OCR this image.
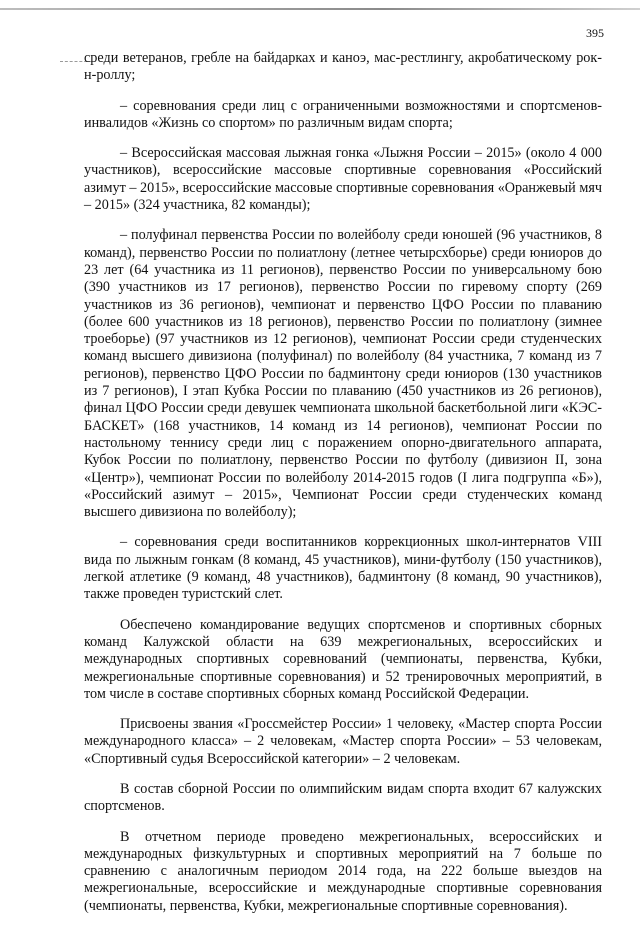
395

среди ветеранов, гребле на байдарках и каноэ, мас-рестлингу, акробатическому рок-н-роллу;

– соревнования среди лиц с ограниченными возможностями и спортсменов-инвалидов «Жизнь со спортом» по различным видам спорта;

– Всероссийская массовая лыжная гонка «Лыжня России – 2015» (около 4 000 участников), всероссийские массовые спортивные соревнования «Российский азимут – 2015», всероссийские массовые спортивные соревнования «Оранжевый мяч – 2015» (324 участника, 82 команды);

– полуфинал первенства России по волейболу среди юношей (96 участников, 8 команд), первенство России по полиатлону (летнее четырсхборье) среди юниоров до 23 лет (64 участника из 11 регионов), первенство России по универсальному бою (390 участников из 17 регионов), первенство России по гиревому спорту (269 участников из 36 регионов), чемпионат и первенство ЦФО России по плаванию (более 600 участников из 18 регионов), первенство России по полиатлону (зимнее троеборье) (97 участников из 12 регионов), чемпионат России среди студенческих команд высшего дивизиона (полуфинал) по волейболу (84 участника, 7 команд из 7 регионов), первенство ЦФО России по бадминтону среди юниоров (130 участников из 7 регионов), I этап Кубка России по плаванию (450 участников из 26 регионов), финал ЦФО России среди девушек чемпионата школьной баскетбольной лиги «КЭС-БАСКЕТ» (168 участников, 14 команд из 14 регионов), чемпионат России по настольному теннису среди лиц с поражением опорно-двигательного аппарата, Кубок России по полиатлону, первенство России по футболу (дивизион II, зона «Центр»), чемпионат России по волейболу 2014-2015 годов (I лига подгруппа «Б»), «Российский азимут – 2015», Чемпионат России среди студенческих команд высшего дивизиона по волейболу);

– соревнования среди воспитанников коррекционных школ-интернатов VIII вида по лыжным гонкам (8 команд, 45 участников), мини-футболу (150 участников), легкой атлетике (9 команд, 48 участников), бадминтону (8 команд, 90 участников), также проведен туристский слет.

Обеспечено командирование ведущих спортсменов и спортивных сборных команд Калужской области на 639 межрегиональных, всероссийских и международных спортивных соревнований (чемпионаты, первенства, Кубки, межрегиональные спортивные соревнования) и 52 тренировочных мероприятий, в том числе в составе спортивных сборных команд Российской Федерации.

Присвоены звания «Гроссмейстер России» 1 человеку, «Мастер спорта России международного класса» – 2 человекам, «Мастер спорта России» – 53 человекам, «Спортивный судья Всероссийской категории» – 2 человекам.

В состав сборной России по олимпийским видам спорта входит 67 калужских спортсменов.

В отчетном периоде проведено межрегиональных, всероссийских и международных физкультурных и спортивных мероприятий на 7 больше по сравнению с аналогичным периодом 2014 года, на 222 больше выездов на межрегиональные, всероссийские и международные спортивные соревнования (чемпионаты, первенства, Кубки, межрегиональные спортивные соревнования).
